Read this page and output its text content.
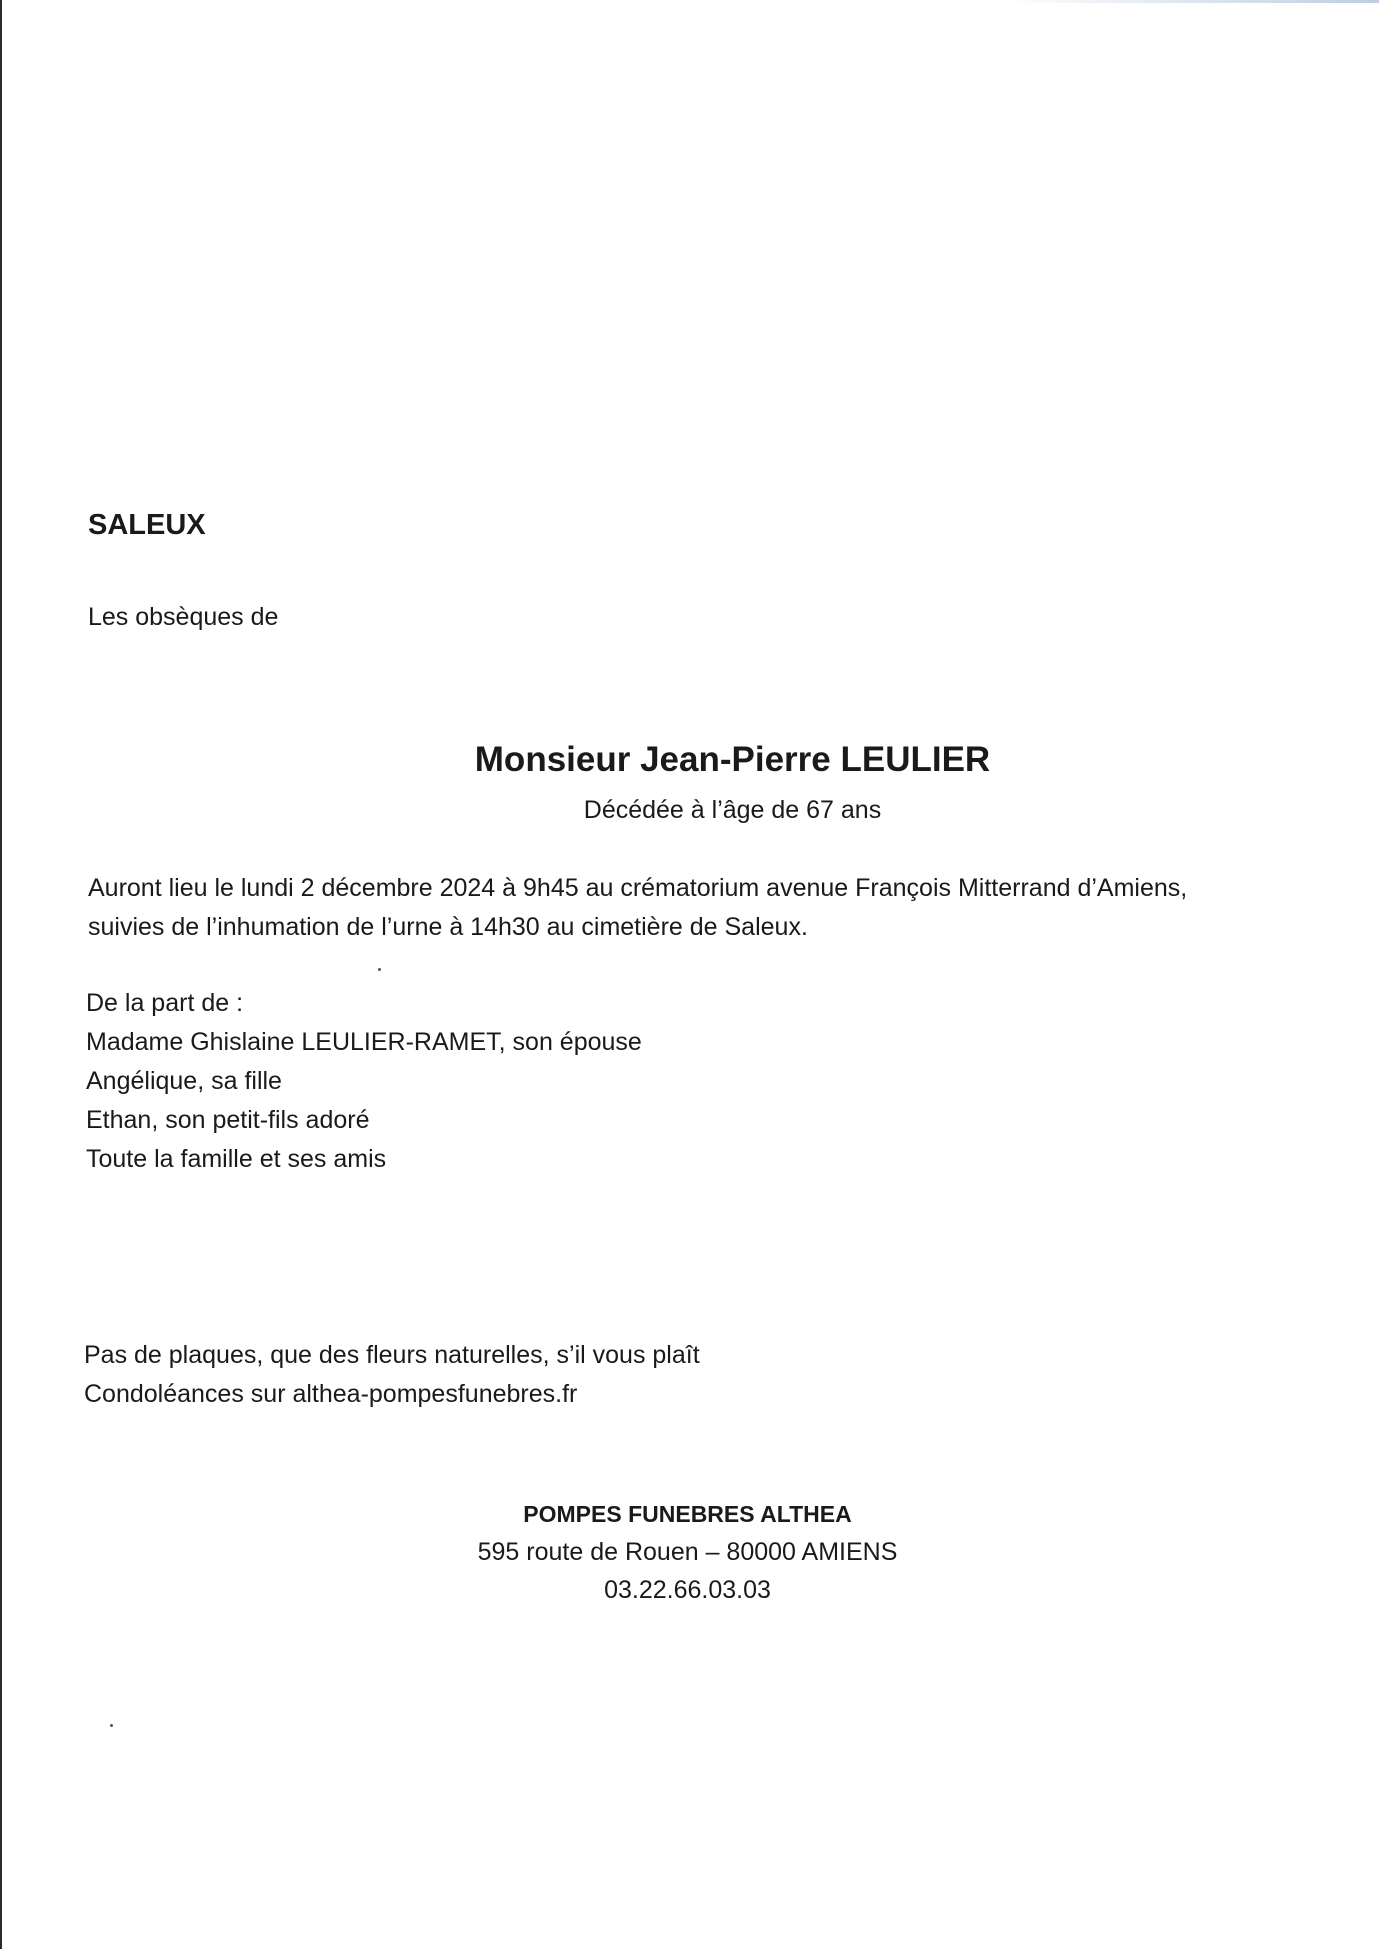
SALEUX
Les obsèques de
Monsieur Jean-Pierre LEULIER
Décédée à l’âge de 67 ans
Auront lieu le lundi 2 décembre 2024 à 9h45 au crématorium avenue François Mitterrand d’Amiens,
suivies de l’inhumation de l’urne à 14h30 au cimetière de Saleux.
De la part de :
Madame Ghislaine LEULIER-RAMET, son épouse
Angélique, sa fille
Ethan, son petit-fils adoré
Toute la famille et ses amis
Pas de plaques, que des fleurs naturelles, s’il vous plaît
Condoléances sur althea-pompesfunebres.fr
POMPES FUNEBRES ALTHEA
595 route de Rouen – 80000 AMIENS
03.22.66.03.03
